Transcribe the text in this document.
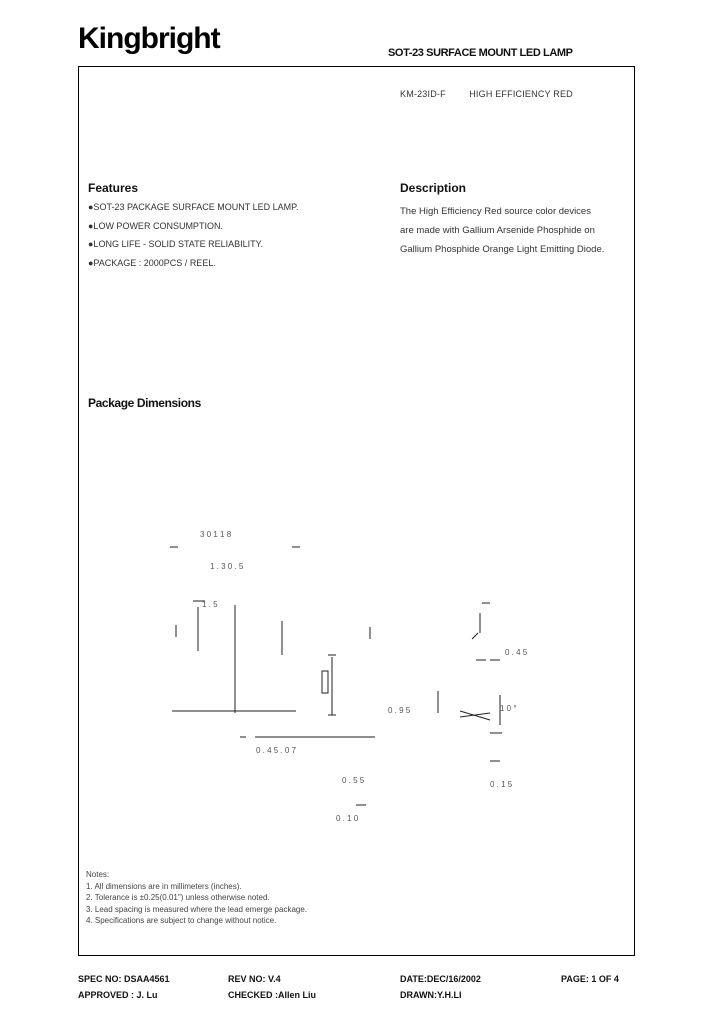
Kingbright	SOT-23 SURFACE MOUNT LED LAMP
KM-23ID-F	HIGH EFFICIENCY RED
Features
●SOT-23 PACKAGE SURFACE MOUNT LED LAMP.
●LOW POWER CONSUMPTION.
●LONG LIFE - SOLID STATE RELIABILITY.
●PACKAGE : 2000PCS / REEL.
Description
The High Efficiency Red source color devices
are made with Gallium Arsenide Phosphide on
Gallium Phosphide Orange Light Emitting Diode.
Package Dimensions
3 0 1 1 8
1 . 3 0 . 5
1 . 5
0 . 4 5 . 0 7
0 . 5 5
0 . 1 0
0 . 4 5
0 . 9 5	1 0 °
0 . 1 5
Notes:
1. All dimensions are in millimeters (inches).
2. Tolerance is ±0.25(0.01") unless otherwise noted.
3. Lead spacing is measured where the lead emerge package.
4. Specifications are subject to change without notice.
SPEC NO: DSAA4561	REV NO: V.4	DATE:DEC/16/2002	PAGE: 1 OF 4
APPROVED : J. Lu	CHECKED :Allen Liu	DRAWN:Y.H.LI
